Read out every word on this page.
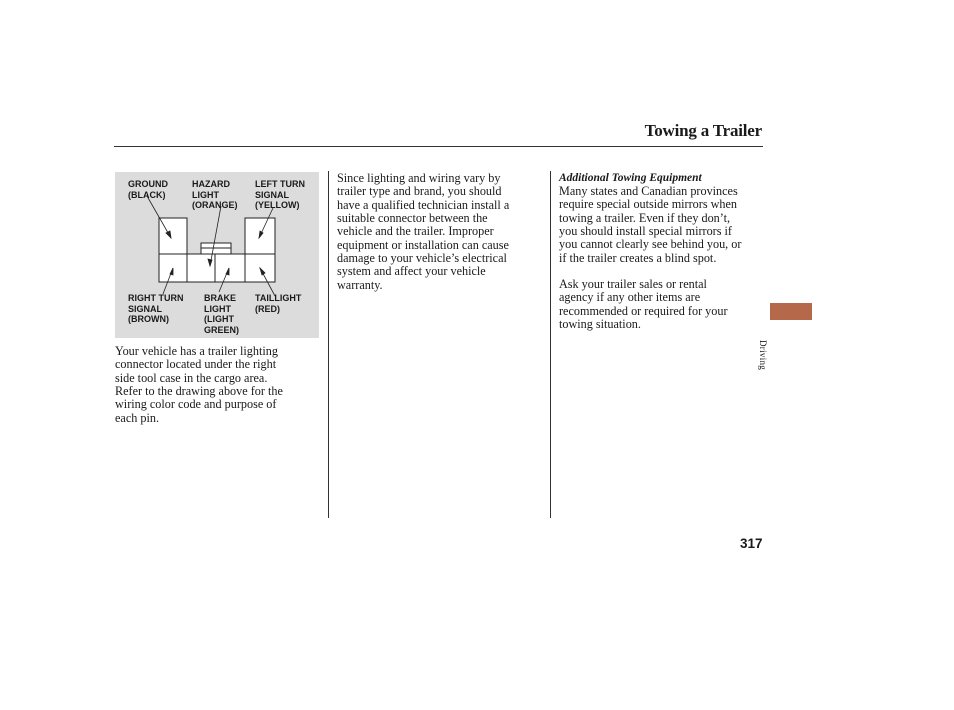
Towing a Trailer
GROUND
(BLACK)
HAZARD
LIGHT
(ORANGE)
LEFT TURN
SIGNAL
(YELLOW)
RIGHT TURN
SIGNAL
(BROWN)
BRAKE
LIGHT
(LIGHT
GREEN)
TAILLIGHT
(RED)
Your vehicle has a trailer lighting
connector located under the right
side tool case in the cargo area.
Refer to the drawing above for the
wiring color code and purpose of
each pin.
Since lighting and wiring vary by
trailer type and brand, you should
have a qualified technician install a
suitable connector between the
vehicle and the trailer. Improper
equipment or installation can cause
damage to your vehicle’s electrical
system and affect your vehicle
warranty.
Additional Towing Equipment
Many states and Canadian provinces
require special outside mirrors when
towing a trailer. Even if they don’t,
you should install special mirrors if
you cannot clearly see behind you, or
if the trailer creates a blind spot.
Ask your trailer sales or rental
agency if any other items are
recommended or required for your
towing situation.
Driving
317
